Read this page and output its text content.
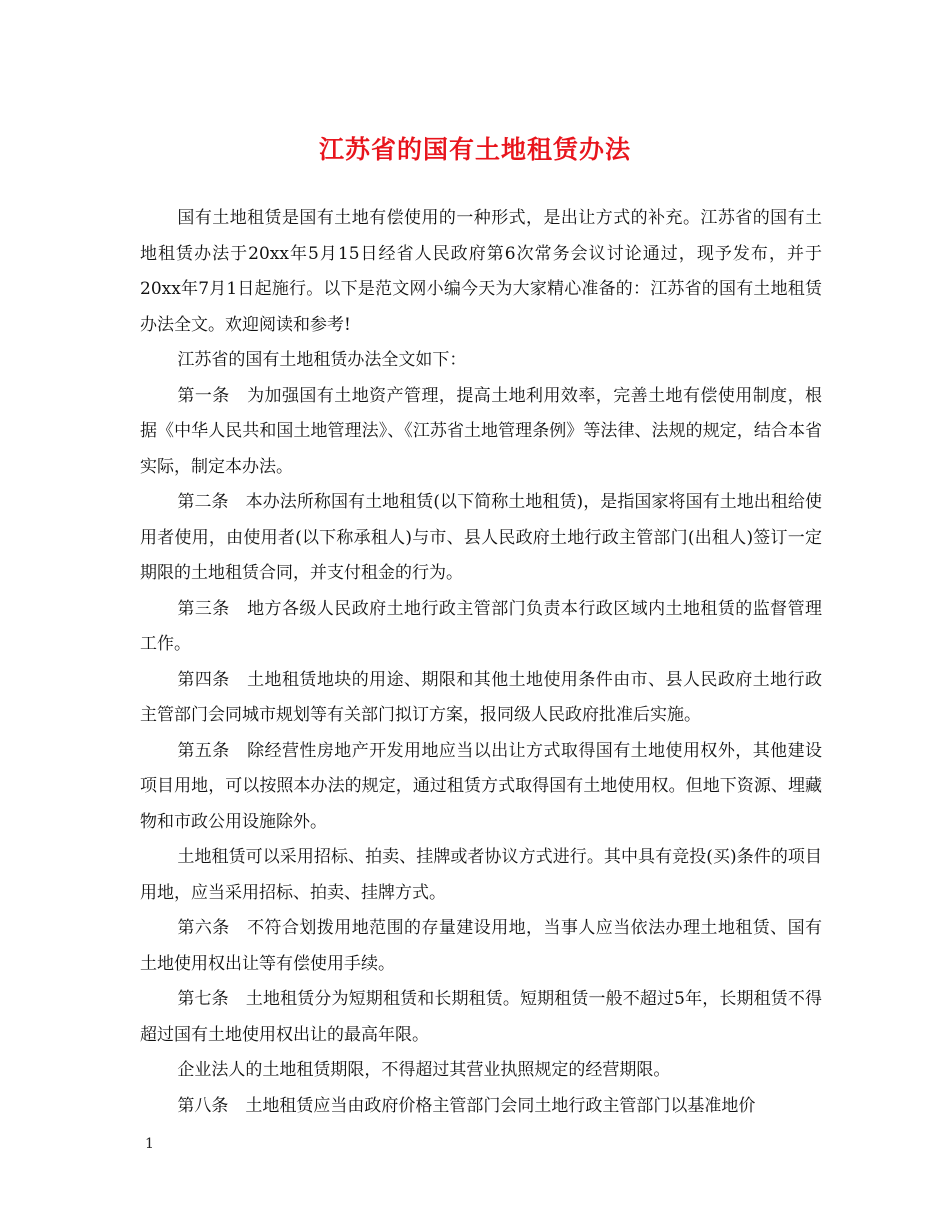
江苏省的国有土地租赁办法

国有土地租赁是国有土地有偿使用的一种形式，是出让方式的补充。江苏省的国有土地租赁办法于20xx年5月15日经省人民政府第6次常务会议讨论通过，现予发布，并于20xx年7月1日起施行。以下是范文网小编今天为大家精心准备的：江苏省的国有土地租赁办法全文。欢迎阅读和参考!

江苏省的国有土地租赁办法全文如下：

第一条　为加强国有土地资产管理，提高土地利用效率，完善土地有偿使用制度，根据《中华人民共和国土地管理法》、《江苏省土地管理条例》等法律、法规的规定，结合本省实际，制定本办法。

第二条　本办法所称国有土地租赁(以下简称土地租赁)，是指国家将国有土地出租给使用者使用，由使用者(以下称承租人)与市、县人民政府土地行政主管部门(出租人)签订一定期限的土地租赁合同，并支付租金的行为。

第三条　地方各级人民政府土地行政主管部门负责本行政区域内土地租赁的监督管理工作。

第四条　土地租赁地块的用途、期限和其他土地使用条件由市、县人民政府土地行政主管部门会同城市规划等有关部门拟订方案，报同级人民政府批准后实施。

第五条　除经营性房地产开发用地应当以出让方式取得国有土地使用权外，其他建设项目用地，可以按照本办法的规定，通过租赁方式取得国有土地使用权。但地下资源、埋藏物和市政公用设施除外。

土地租赁可以采用招标、拍卖、挂牌或者协议方式进行。其中具有竞投(买)条件的项目用地，应当采用招标、拍卖、挂牌方式。

第六条　不符合划拨用地范围的存量建设用地，当事人应当依法办理土地租赁、国有土地使用权出让等有偿使用手续。

第七条　土地租赁分为短期租赁和长期租赁。短期租赁一般不超过5年，长期租赁不得超过国有土地使用权出让的最高年限。

企业法人的土地租赁期限，不得超过其营业执照规定的经营期限。

第八条　土地租赁应当由政府价格主管部门会同土地行政主管部门以基准地价

1
